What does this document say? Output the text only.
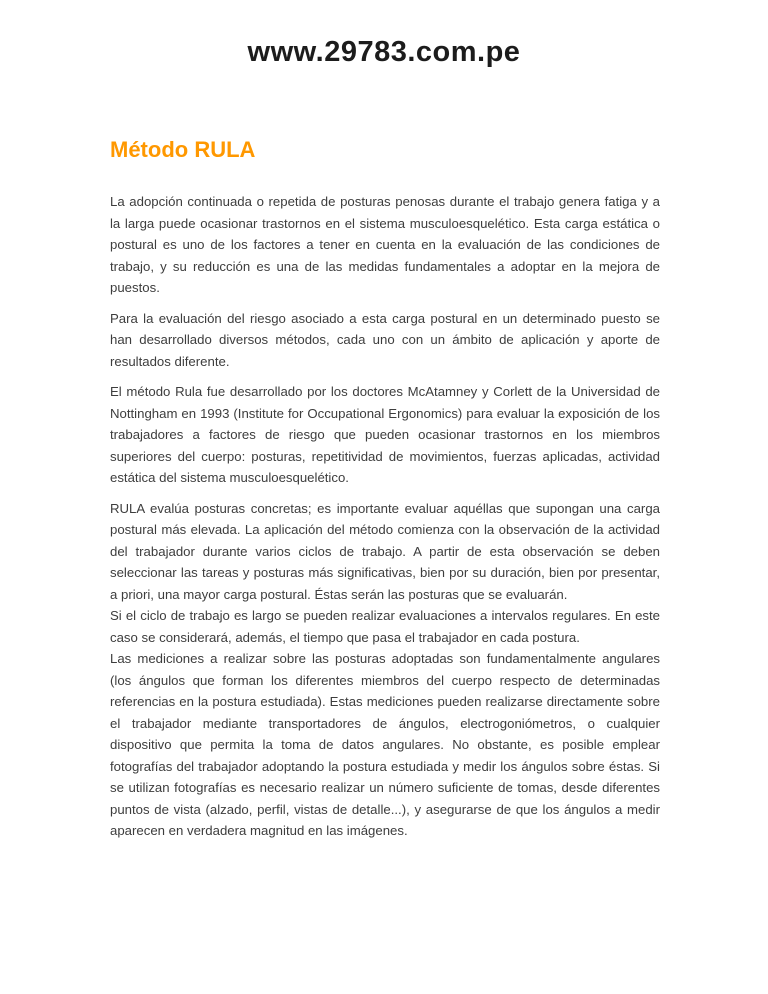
www.29783.com.pe
Método RULA

La adopción continuada o repetida de posturas penosas durante el trabajo genera fatiga y a la larga puede ocasionar trastornos en el sistema musculoesquelético. Esta carga estática o postural es uno de los factores a tener en cuenta en la evaluación de las condiciones de trabajo, y su reducción es una de las medidas fundamentales a adoptar en la mejora de puestos.

Para la evaluación del riesgo asociado a esta carga postural en un determinado puesto se han desarrollado diversos métodos, cada uno con un ámbito de aplicación y aporte de resultados diferente.

El método Rula fue desarrollado por los doctores McAtamney y Corlett de la Universidad de Nottingham en 1993 (Institute for Occupational Ergonomics) para evaluar la exposición de los trabajadores a factores de riesgo que pueden ocasionar trastornos en los miembros superiores del cuerpo: posturas, repetitividad de movimientos, fuerzas aplicadas, actividad estática del sistema musculoesquelético.

RULA evalúa posturas concretas; es importante evaluar aquéllas que supongan una carga postural más elevada. La aplicación del método comienza con la observación de la actividad del trabajador durante varios ciclos de trabajo. A partir de esta observación se deben seleccionar las tareas y posturas más significativas, bien por su duración, bien por presentar, a priori, una mayor carga postural. Éstas serán las posturas que se evaluarán.

Si el ciclo de trabajo es largo se pueden realizar evaluaciones a intervalos regulares. En este caso se considerará, además, el tiempo que pasa el trabajador en cada postura.

Las mediciones a realizar sobre las posturas adoptadas son fundamentalmente angulares (los ángulos que forman los diferentes miembros del cuerpo respecto de determinadas referencias en la postura estudiada). Estas mediciones pueden realizarse directamente sobre el trabajador mediante transportadores de ángulos, electrogoniómetros, o cualquier dispositivo que permita la toma de datos angulares. No obstante, es posible emplear fotografías del trabajador adoptando la postura estudiada y medir los ángulos sobre éstas. Si se utilizan fotografías es necesario realizar un número suficiente de tomas, desde diferentes puntos de vista (alzado, perfil, vistas de detalle...), y asegurarse de que los ángulos a medir aparecen en verdadera magnitud en las imágenes.
